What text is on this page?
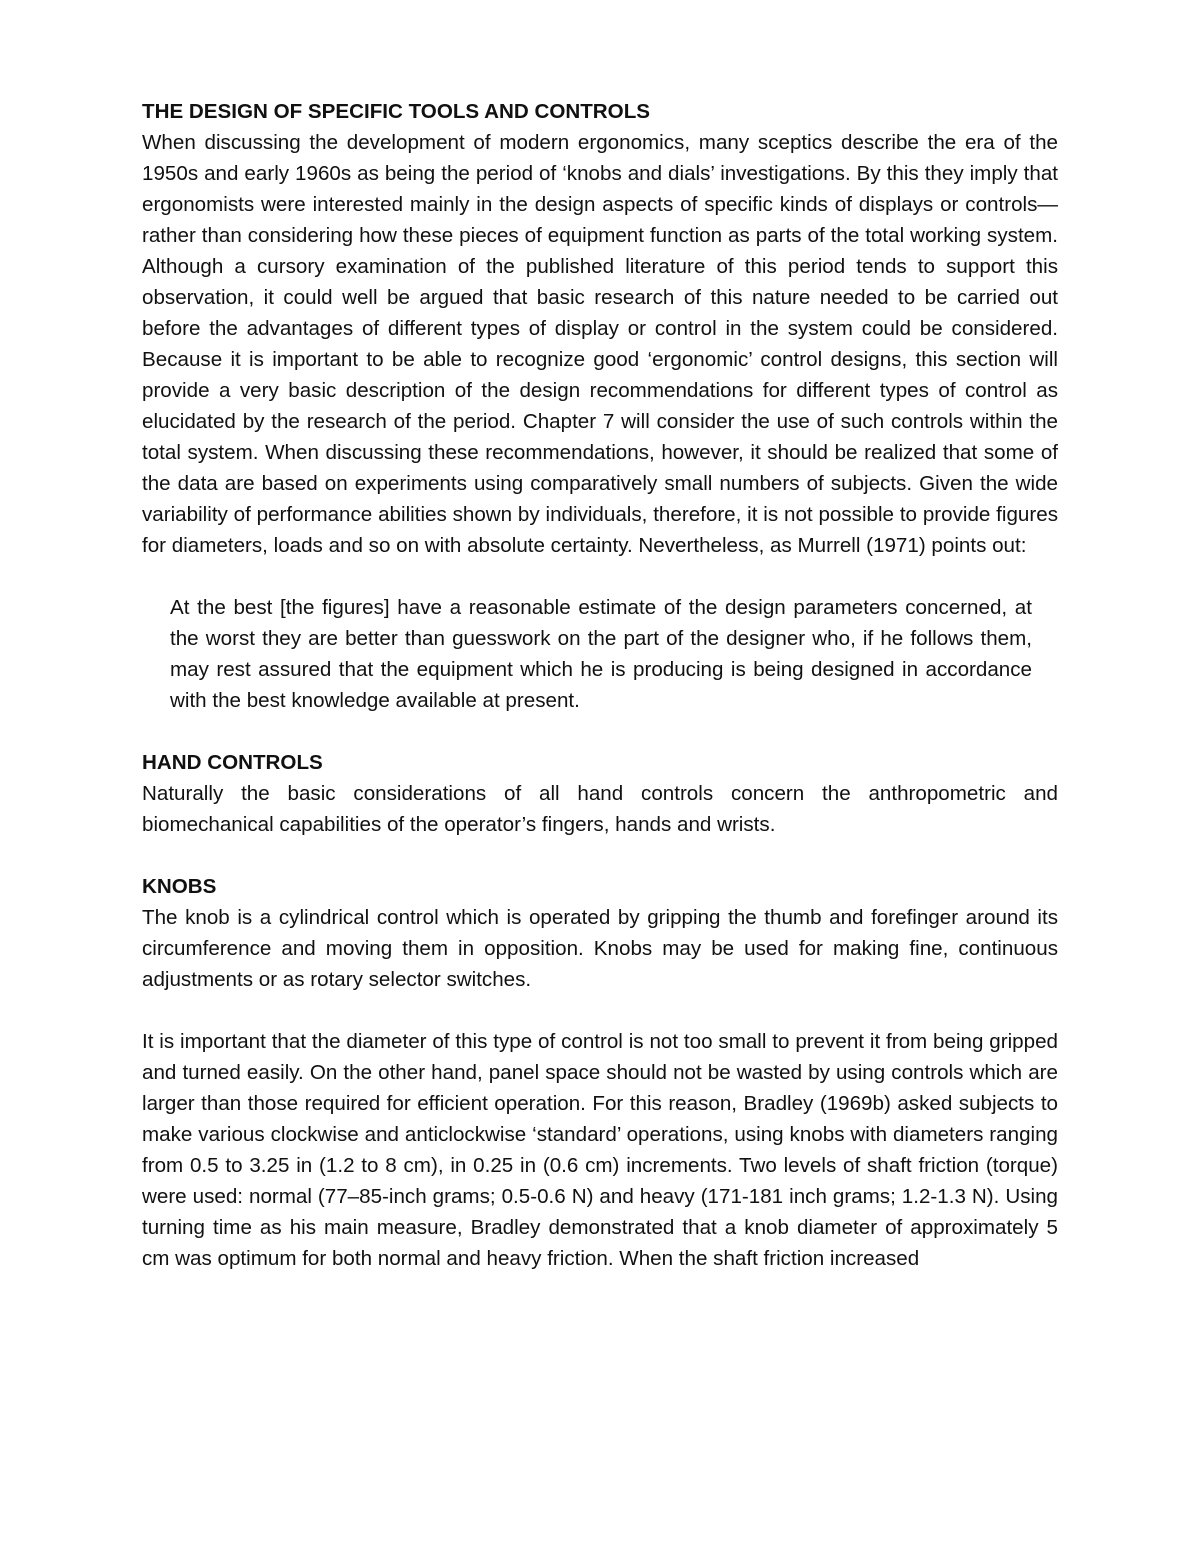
THE DESIGN OF SPECIFIC TOOLS AND CONTROLS

When discussing the development of modern ergonomics, many sceptics describe the era of the 1950s and early 1960s as being the period of ‘knobs and dials’ investigations. By this they imply that ergonomists were interested mainly in the design aspects of specific kinds of displays or controls—rather than considering how these pieces of equipment function as parts of the total working system. Although a cursory examination of the published literature of this period tends to support this observation, it could well be argued that basic research of this nature needed to be carried out before the advantages of different types of display or control in the system could be considered. Because it is important to be able to recognize good ‘ergonomic’ control designs, this section will provide a very basic description of the design recommendations for different types of control as elucidated by the research of the period. Chapter 7 will consider the use of such controls within the total system. When discussing these recommendations, however, it should be realized that some of the data are based on experiments using comparatively small numbers of subjects. Given the wide variability of performance abilities shown by individuals, therefore, it is not possible to provide figures for diameters, loads and so on with absolute certainty. Nevertheless, as Murrell (1971) points out:

At the best [the figures] have a reasonable estimate of the design parameters concerned, at the worst they are better than guesswork on the part of the designer who, if he follows them, may rest assured that the equipment which he is producing is being designed in accordance with the best knowledge available at present.

HAND CONTROLS

Naturally the basic considerations of all hand controls concern the anthropometric and biomechanical capabilities of the operator’s fingers, hands and wrists.

KNOBS

The knob is a cylindrical control which is operated by gripping the thumb and forefinger around its circumference and moving them in opposition. Knobs may be used for making fine, continuous adjustments or as rotary selector switches.

It is important that the diameter of this type of control is not too small to prevent it from being gripped and turned easily. On the other hand, panel space should not be wasted by using controls which are larger than those required for efficient operation. For this reason, Bradley (1969b) asked subjects to make various clockwise and anticlockwise ‘standard’ operations, using knobs with diameters ranging from 0.5 to 3.25 in (1.2 to 8 cm), in 0.25 in (0.6 cm) increments. Two levels of shaft friction (torque) were used: normal (77–85-inch grams; 0.5-0.6 N) and heavy (171-181 inch grams; 1.2-1.3 N). Using turning time as his main measure, Bradley demonstrated that a knob diameter of approximately 5 cm was optimum for both normal and heavy friction. When the shaft friction increased
